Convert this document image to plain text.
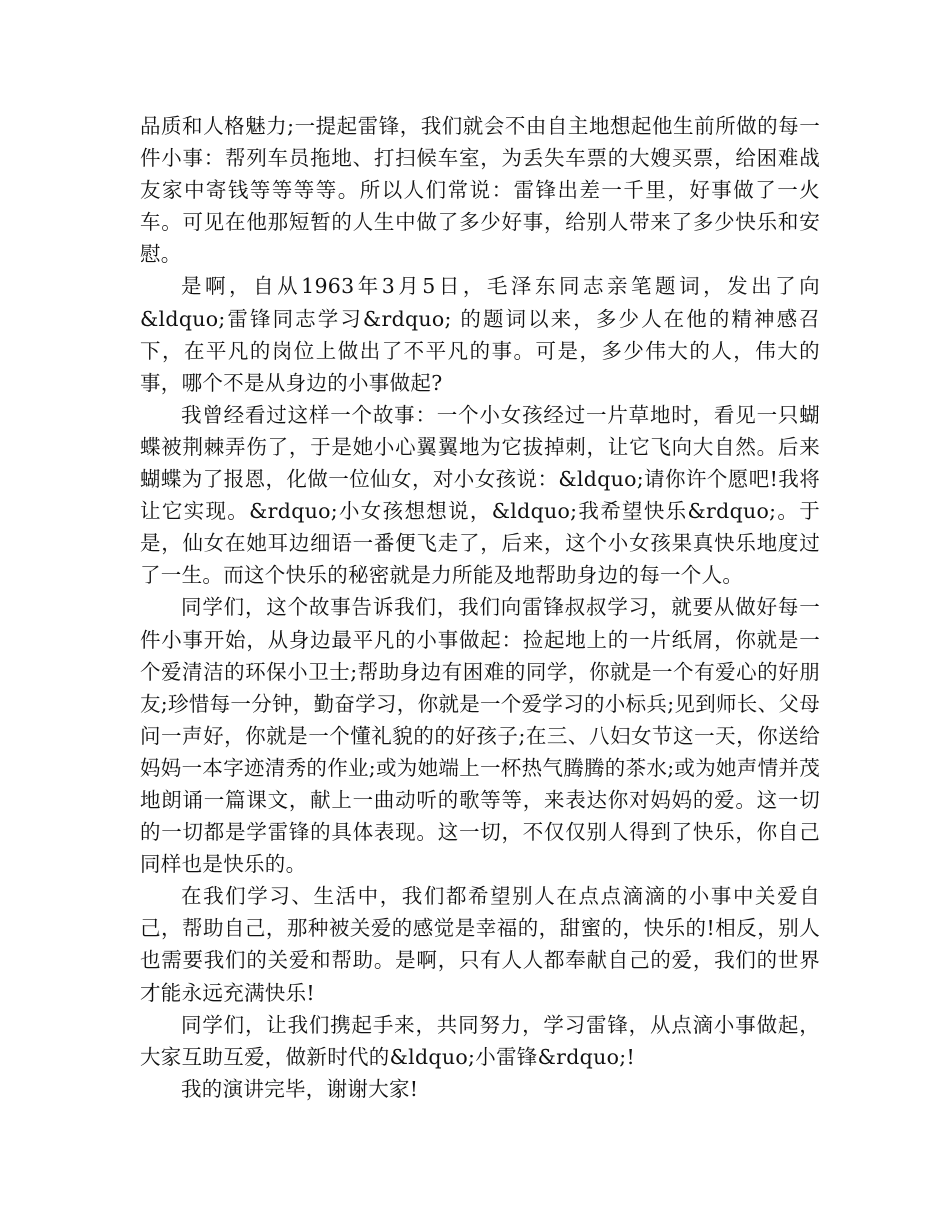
品质和人格魅力;一提起雷锋，我们就会不由自主地想起他生前所做的每一件小事：帮列车员拖地、打扫候车室，为丢失车票的大嫂买票，给困难战友家中寄钱等等等等。所以人们常说：雷锋出差一千里，好事做了一火车。可见在他那短暂的人生中做了多少好事，给别人带来了多少快乐和安慰。

是啊，自从1963年3月5日，毛泽东同志亲笔题词，发出了向&ldquo;雷锋同志学习&rdquo; 的题词以来，多少人在他的精神感召下，在平凡的岗位上做出了不平凡的事。可是，多少伟大的人，伟大的事，哪个不是从身边的小事做起?

我曾经看过这样一个故事：一个小女孩经过一片草地时，看见一只蝴蝶被荆棘弄伤了，于是她小心翼翼地为它拔掉刺，让它飞向大自然。后来蝴蝶为了报恩，化做一位仙女，对小女孩说：&ldquo;请你许个愿吧!我将让它实现。&rdquo;小女孩想想说，&ldquo;我希望快乐&rdquo;。于是，仙女在她耳边细语一番便飞走了，后来，这个小女孩果真快乐地度过了一生。而这个快乐的秘密就是力所能及地帮助身边的每一个人。

同学们，这个故事告诉我们，我们向雷锋叔叔学习，就要从做好每一件小事开始，从身边最平凡的小事做起：捡起地上的一片纸屑，你就是一个爱清洁的环保小卫士;帮助身边有困难的同学，你就是一个有爱心的好朋友;珍惜每一分钟，勤奋学习，你就是一个爱学习的小标兵;见到师长、父母问一声好，你就是一个懂礼貌的的好孩子;在三、八妇女节这一天，你送给妈妈一本字迹清秀的作业;或为她端上一杯热气腾腾的茶水;或为她声情并茂地朗诵一篇课文，献上一曲动听的歌等等，来表达你对妈妈的爱。这一切的一切都是学雷锋的具体表现。这一切，不仅仅别人得到了快乐，你自己同样也是快乐的。

在我们学习、生活中，我们都希望别人在点点滴滴的小事中关爱自己，帮助自己，那种被关爱的感觉是幸福的，甜蜜的，快乐的!相反，别人也需要我们的关爱和帮助。是啊，只有人人都奉献自己的爱，我们的世界才能永远充满快乐!

同学们，让我们携起手来，共同努力，学习雷锋，从点滴小事做起，大家互助互爱，做新时代的&ldquo;小雷锋&rdquo;!

我的演讲完毕，谢谢大家!
